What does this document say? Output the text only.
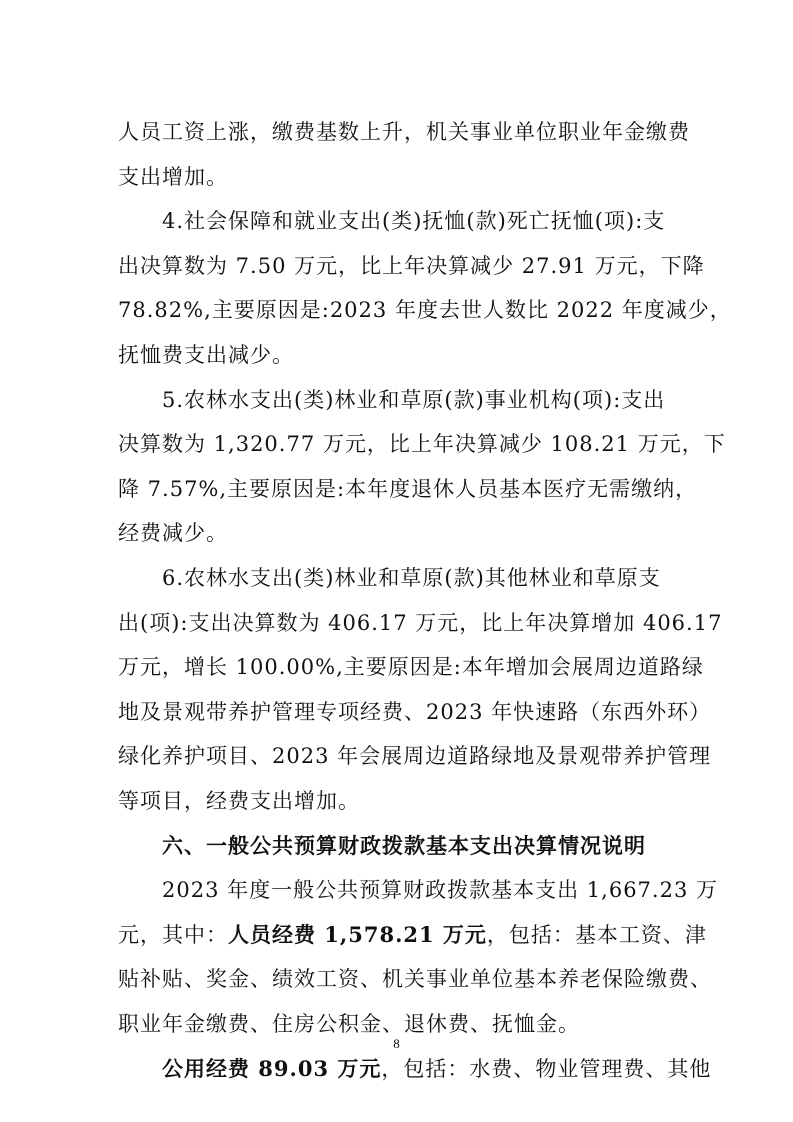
人员工资上涨，缴费基数上升，机关事业单位职业年金缴费

支出增加。

4.社会保障和就业支出(类)抚恤(款)死亡抚恤(项):支

出决算数为 7.50 万元，比上年决算减少 27.91 万元，下降

78.82%,主要原因是:2023 年度去世人数比 2022 年度减少，

抚恤费支出减少。

5.农林水支出(类)林业和草原(款)事业机构(项):支出

决算数为 1,320.77 万元，比上年决算减少 108.21 万元，下

降 7.57%,主要原因是:本年度退休人员基本医疗无需缴纳，

经费减少。

6.农林水支出(类)林业和草原(款)其他林业和草原支

出(项):支出决算数为 406.17 万元，比上年决算增加 406.17

万元，增长 100.00%,主要原因是:本年增加会展周边道路绿

地及景观带养护管理专项经费、2023 年快速路（东西外环）

绿化养护项目、2023 年会展周边道路绿地及景观带养护管理

等项目，经费支出增加。

六、一般公共预算财政拨款基本支出决算情况说明

2023 年度一般公共预算财政拨款基本支出 1,667.23 万

元，其中：人员经费 1,578.21 万元，包括：基本工资、津

贴补贴、奖金、绩效工资、机关事业单位基本养老保险缴费、

职业年金缴费、住房公积金、退休费、抚恤金。

公用经费 89.03 万元，包括：水费、物业管理费、其他

8
